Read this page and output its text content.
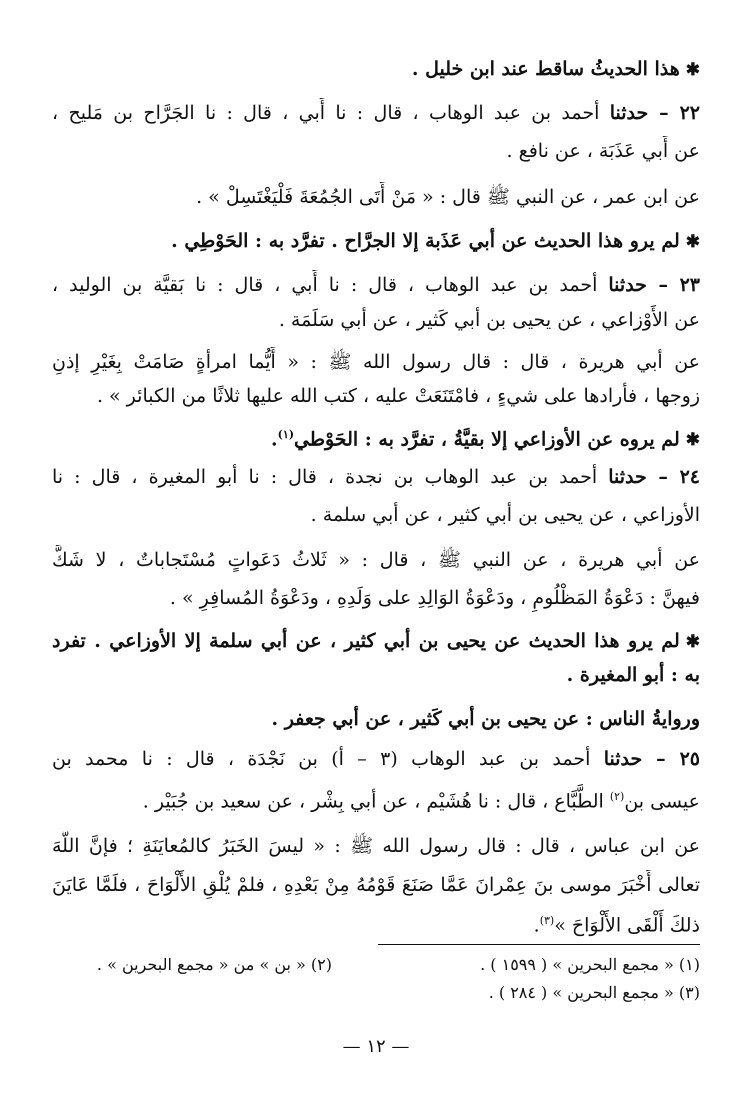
✱هذا الحديثُ ساقط عند ابن خليل .
٢٢ – حدثنا أحمد بن عبد الوهاب ، قال : نا أَبي ، قال : نا الجَرَّاح بن مَليح ،
عن أَبي عَذَبَة ، عن نافع .
عن ابن عمر ، عن النبي ﷺ قال : « مَنْ أَتَى الجُمُعَةَ فَلْيَغْتَسِلْ » .
✱لم يرو هذا الحديث عن أبي عَذَبة إلا الجرَّاح . تفرَّد به : الحَوْطِي .
٢٣ – حدثنا أحمد بن عبد الوهاب ، قال : نا أَبي ، قال : نا بَقيَّة بن الوليد ،
عن الأَوْزاعي ، عن يحيى بن أبي كَثير ، عن أبي سَلَمَة .
عن أبي هريرة ، قال : قال رسول الله ﷺ : « أَيُّما امرأةٍ صَامَتْ بِغَيْرِ إذنِ
زوجها ، فأرادها على شيءٍ ، فامْتَنَعَتْ عليه ، كتب الله عليها ثلاثًا من الكبائر » .
✱لم يروه عن الأوزاعي إلا بقيَّةُ ، تفرَّد به : الحَوْطي$^{(١)}$.
٢٤ – حدثنا أحمد بن عبد الوهاب بن نجدة ، قال : نا أبو المغيرة ، قال : نا
الأوزاعي ، عن يحيى بن أبي كثير ، عن أبي سلمة .
عن أبي هريرة ، عن النبي ﷺ ، قال : « ثَلاثُ دَعَواتٍ مُسْتَجاباتٌ ، لا شَكَّ
فيهنَّ : دَعْوَةُ المَظْلُومِ ، ودَعْوَةُ الوَالِدِ على وَلَدِهِ ، ودَعْوَةُ المُسافِرِ » .
✱لم يرو هذا الحديث عن يحيى بن أبي كثير ، عن أبي سلمة إلا الأوزاعي . تفرد
به : أبو المغيرة .
وروايةُ الناس : عن يحيى بن أبي كَثير ، عن أبي جعفر .
٢٥ – حدثنا أحمد بن عبد الوهاب (٣ – أ) بن نَجْدَة ، قال : نا محمد بن
عيسى بن$^{(٢)}$ الطَّبَّاع ، قال : نا هُشَيْم ، عن أبي بِشْر ، عن سعيد بن جُبَيْر .
عن ابن عباس ، قال : قال رسول الله ﷺ : « ليسَ الخَبَرُ كالمُعايَنَةِ ؛ فإنَّ اللَّهَ
تعالى أَخْبَرَ موسى بنَ عِمْرانَ عَمَّا صَنَعَ قَوْمُهُ مِنْ بَعْدِهِ ، فلمْ يُلْقِ الأَلْوَاحَ ، فلَمَّا عَايَنَ
ذلكَ أَلْقَى الأَلْوَاحَ »$^{(٣)}$.
(١) « مجمع البحرين » ( ١٥٩٩ ) .
(٢) « بن » من « مجمع البحرين » .
(٣) « مجمع البحرين » ( ٢٨٤ ) .
— ١٢ —
